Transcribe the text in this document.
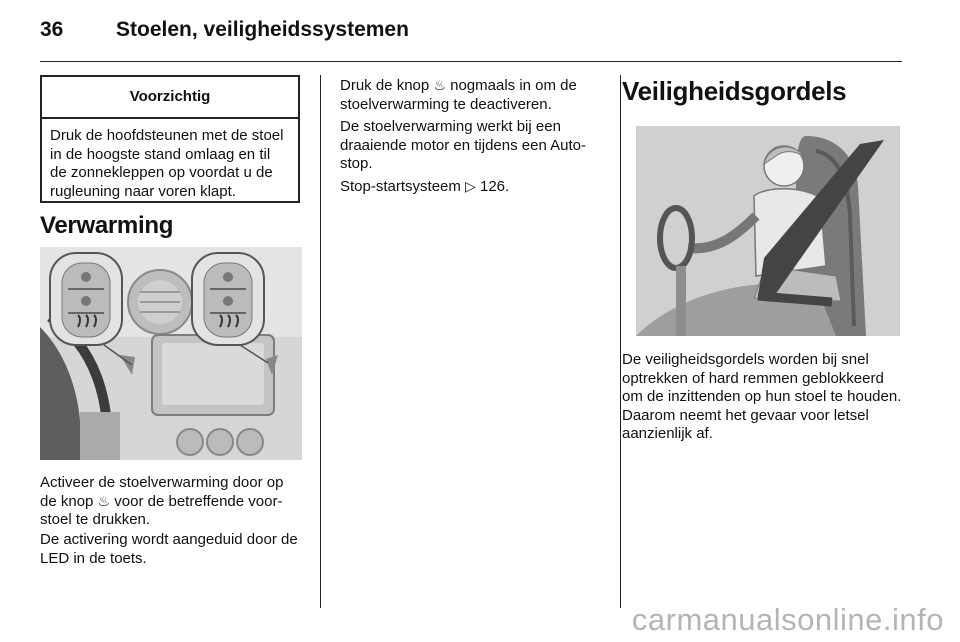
36	Stoelen, veiligheidssystemen
Voorzichtig
Druk de hoofdsteunen met de stoel in de hoogste stand omlaag en til de zonnekleppen op voordat u de rugleuning naar voren klapt.
Verwarming

Activeer de stoelverwarming door op de knop ♨ voor de betreffende voorstoel te drukken.

De activering wordt aangeduid door de LED in de toets.

Druk de knop ♨ nogmaals in om de stoelverwarming te deactiveren.

De stoelverwarming werkt bij een draaiende motor en tijdens een Auto-stop.

Stop-startsysteem ▷ 126.

Veiligheidsgordels

De veiligheidsgordels worden bij snel optrekken of hard remmen geblokkeerd om de inzittenden op hun stoel te houden. Daarom neemt het gevaar voor letsel aanzienlijk af.

carmanualsonline.info
